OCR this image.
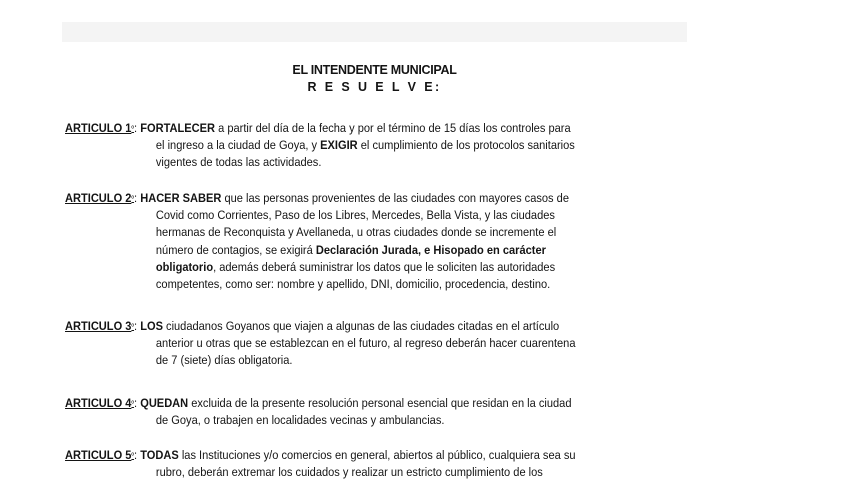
EL INTENDENTE MUNICIPAL
R E S U E L V E:
ARTICULO $1^º$: FORTALECER a partir del día de la fecha y por el término de 15 días los controles para
el ingreso a la ciudad de Goya, y EXIGIR el cumplimiento de los protocolos sanitarios
vigentes de todas las actividades.
ARTICULO $2^º$: HACER SABER que las personas provenientes de las ciudades con mayores casos de
Covid como Corrientes, Paso de los Libres, Mercedes, Bella Vista, y las ciudades
hermanas de Reconquista y Avellaneda, u otras ciudades donde se incremente el
número de contagios, se exigirá Declaración Jurada, e Hisopado en carácter
obligatorio, además deberá suministrar los datos que le soliciten las autoridades
competentes, como ser: nombre y apellido, DNI, domicilio, procedencia, destino.
ARTICULO $3^º$: LOS ciudadanos Goyanos que viajen a algunas de las ciudades citadas en el artículo
anterior u otras que se establezcan en el futuro, al regreso deberán hacer cuarentena
de 7 (siete) días obligatoria.
ARTICULO $4^º$: QUEDAN excluida de la presente resolución personal esencial que residan en la ciudad
de Goya, o trabajen en localidades vecinas y ambulancias.
ARTICULO $5^º$: TODAS las Instituciones y/o comercios en general, abiertos al público, cualquiera sea su
rubro, deberán extremar los cuidados y realizar un estricto cumplimiento de los
